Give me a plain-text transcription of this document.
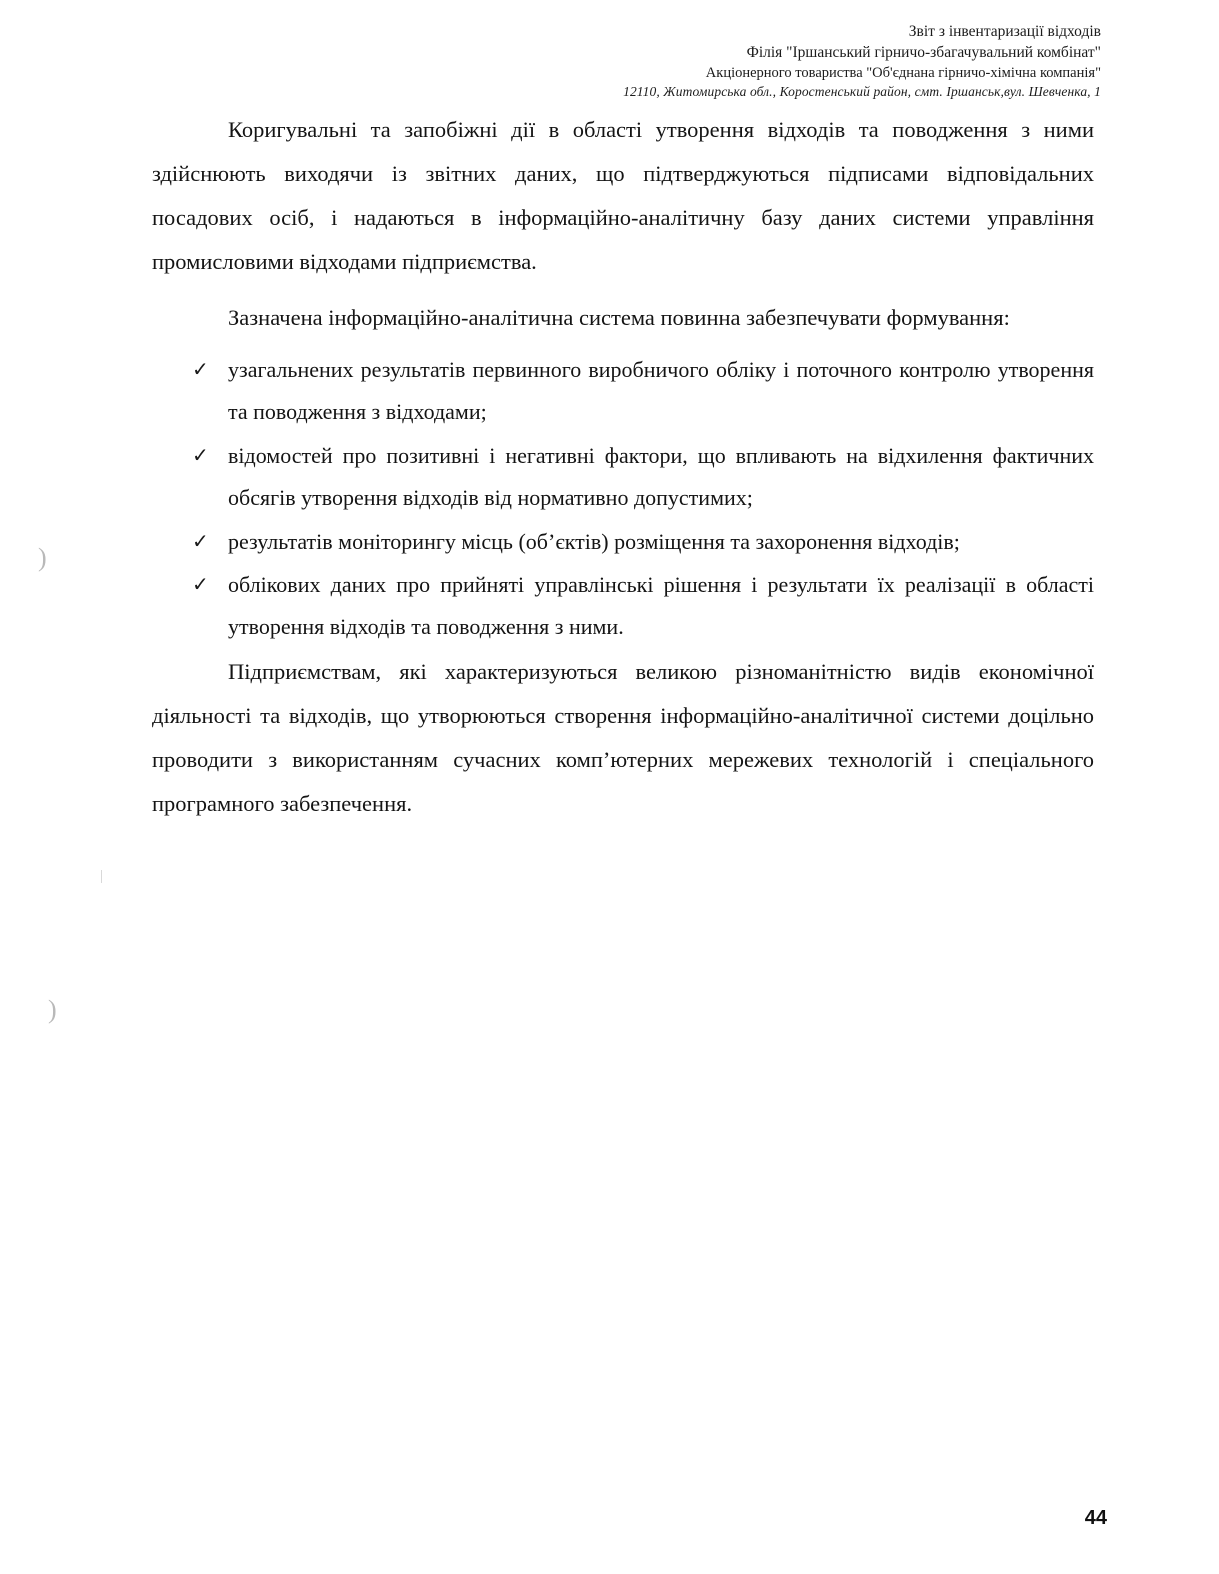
Звіт з інвентаризації відходів
Філія "Іршанський гірничо-збагачувальний комбінат"
Акціонерного товариства "Об'єднана гірничо-хімічна компанія"
12110, Житомирська обл., Коростенський район, смт. Іршанськ,вул. Шевченка, 1

Коригувальні та запобіжні дії в області утворення відходів та поводження з ними здійснюють виходячи із звітних даних, що підтверджуються підписами відповідальних посадових осіб, і надаються в інформаційно-аналітичну базу даних системи управління промисловими відходами підприємства.

Зазначена інформаційно-аналітична система повинна забезпечувати формування:

✓ узагальнених результатів первинного виробничого обліку і поточного контролю утворення та поводження з відходами;
✓ відомостей про позитивні і негативні фактори, що впливають на відхилення фактичних обсягів утворення відходів від нормативно допустимих;
✓ результатів моніторингу місць (об’єктів) розміщення та захоронення відходів;
✓ облікових даних про прийняті управлінські рішення і результати їх реалізації в області утворення відходів та поводження з ними.

Підприємствам, які характеризуються великою різноманітністю видів економічної діяльності та відходів, що утворюються створення інформаційно-аналітичної системи доцільно проводити з використанням сучасних комп’ютерних мережевих технологій і спеціального програмного забезпечення.

)
)
|
44
